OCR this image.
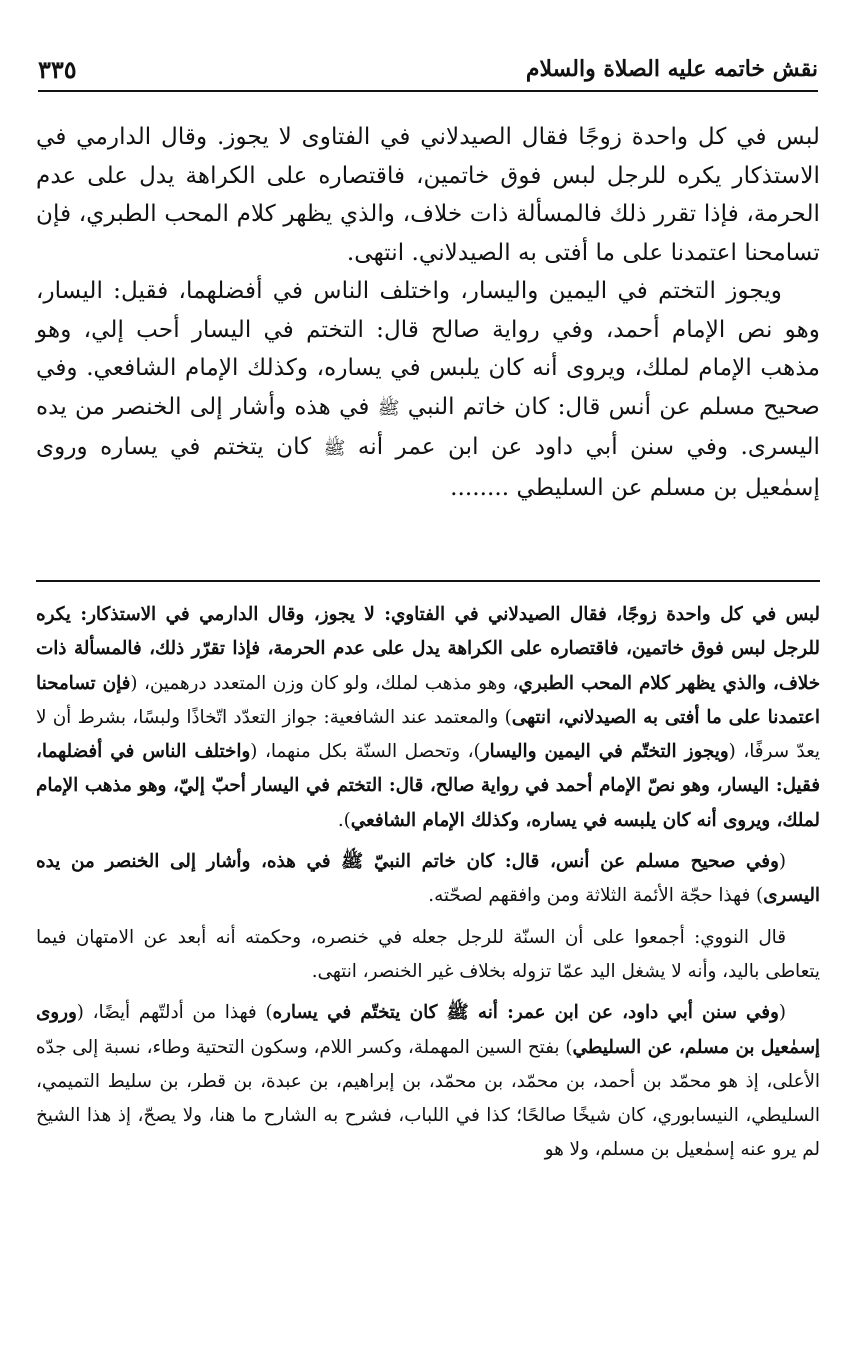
نقش خاتمه عليه الصلاة والسلام
٣٣٥

لبس في كل واحدة زوجًا فقال الصيدلاني في الفتاوى لا يجوز. وقال الدارمي في الاستذكار يكره للرجل لبس فوق خاتمين، فاقتصاره على الكراهة يدل على عدم الحرمة، فإذا تقرر ذلك فالمسألة ذات خلاف، والذي يظهر كلام المحب الطبري، فإن تسامحنا اعتمدنا على ما أفتى به الصيدلاني. انتهى.

ويجوز التختم في اليمين واليسار، واختلف الناس في أفضلهما، فقيل: اليسار، وهو نص الإمام أحمد، وفي رواية صالح قال: التختم في اليسار أحب إلي، وهو مذهب الإمام لملك، ويروى أنه كان يلبس في يساره، وكذلك الإمام الشافعي. وفي صحيح مسلم عن أنس قال: كان خاتم النبي ﷺ في هذه وأشار إلى الخنصر من يده اليسرى. وفي سنن أبي داود عن ابن عمر أنه ﷺ كان يتختم في يساره وروى إسمٰعيل بن مسلم عن السليطي ........

لبس في كل واحدة زوجًا، فقال الصيدلاني في الفتاوي: لا يجوز، وقال الدارمي في الاستذكار: يكره للرجل لبس فوق خاتمين، فاقتصاره على الكراهة يدل على عدم الحرمة، فإذا تقرّر ذلك، فالمسألة ذات خلاف، والذي يظهر كلام المحب الطبري، وهو مذهب لملك، ولو كان وزن المتعدد درهمين، (فإن تسامحنا اعتمدنا على ما أفتى به الصيدلاني، انتهى) والمعتمد عند الشافعية: جواز التعدّد اتّخاذًا ولبسًا، بشرط أن لا يعدّ سرفًا، (ويجوز التختّم في اليمين واليسار)، وتحصل السنّة بكل منهما، (واختلف الناس في أفضلهما، فقيل: اليسار، وهو نصّ الإمام أحمد في رواية صالح، قال: التختم في اليسار أحبّ إليّ، وهو مذهب الإمام لملك، ويروى أنه كان يلبسه في يساره، وكذلك الإمام الشافعي).

(وفي صحيح مسلم عن أنس، قال: كان خاتم النبيّ ﷺ في هذه، وأشار إلى الخنصر من يده اليسرى) فهذا حجّة الأئمة الثلاثة ومن وافقهم لصحّته.

قال النووي: أجمعوا على أن السنّة للرجل جعله في خنصره، وحكمته أنه أبعد عن الامتهان فيما يتعاطى باليد، وأنه لا يشغل اليد عمّا تزوله بخلاف غير الخنصر، انتهى.

(وفي سنن أبي داود، عن ابن عمر: أنه ﷺ كان يتختّم في يساره) فهذا من أدلتّهم أيضًا، (وروى إسمٰعيل بن مسلم، عن السليطي) بفتح السين المهملة، وكسر اللام، وسكون التحتية وطاء، نسبة إلى جدّه الأعلى، إذ هو محمّد بن أحمد، بن محمّد، بن محمّد، بن إبراهيم، بن عبدة، بن قطر، بن سليط التميمي، السليطي، النيسابوري، كان شيخًا صالحًا؛ كذا في اللباب، فشرح به الشارح ما هنا، ولا يصحّ، إذ هذا الشيخ لم يرو عنه إسمٰعيل بن مسلم، ولا هو
